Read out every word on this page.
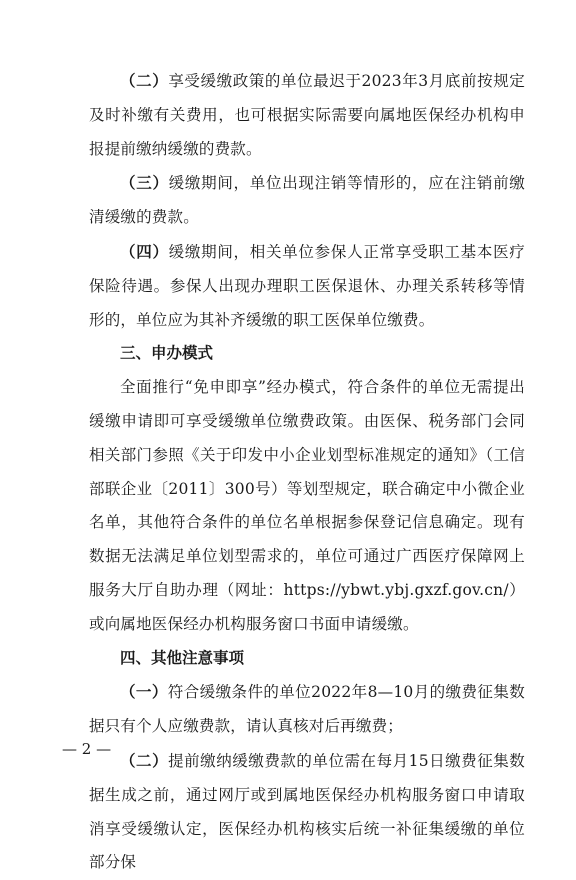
（二）享受缓缴政策的单位最迟于2023年3月底前按规定及时补缴有关费用，也可根据实际需要向属地医保经办机构申报提前缴纳缓缴的费款。

（三）缓缴期间，单位出现注销等情形的，应在注销前缴清缓缴的费款。

（四）缓缴期间，相关单位参保人正常享受职工基本医疗保险待遇。参保人出现办理职工医保退休、办理关系转移等情形的，单位应为其补齐缓缴的职工医保单位缴费。

三、申办模式

全面推行“免申即享”经办模式，符合条件的单位无需提出缓缴申请即可享受缓缴单位缴费政策。由医保、税务部门会同相关部门参照《关于印发中小企业划型标准规定的通知》（工信部联企业〔2011〕300号）等划型规定，联合确定中小微企业名单，其他符合条件的单位名单根据参保登记信息确定。现有数据无法满足单位划型需求的，单位可通过广西医疗保障网上服务大厅自助办理（网址：https://ybwt.ybj.gxzf.gov.cn/）或向属地医保经办机构服务窗口书面申请缓缴。

四、其他注意事项

（一）符合缓缴条件的单位2022年8—10月的缴费征集数据只有个人应缴费款，请认真核对后再缴费；

（二）提前缴纳缓缴费款的单位需在每月15日缴费征集数据生成之前，通过网厅或到属地医保经办机构服务窗口申请取消享受缓缴认定，医保经办机构核实后统一补征集缓缴的单位部分保

— 2 —
